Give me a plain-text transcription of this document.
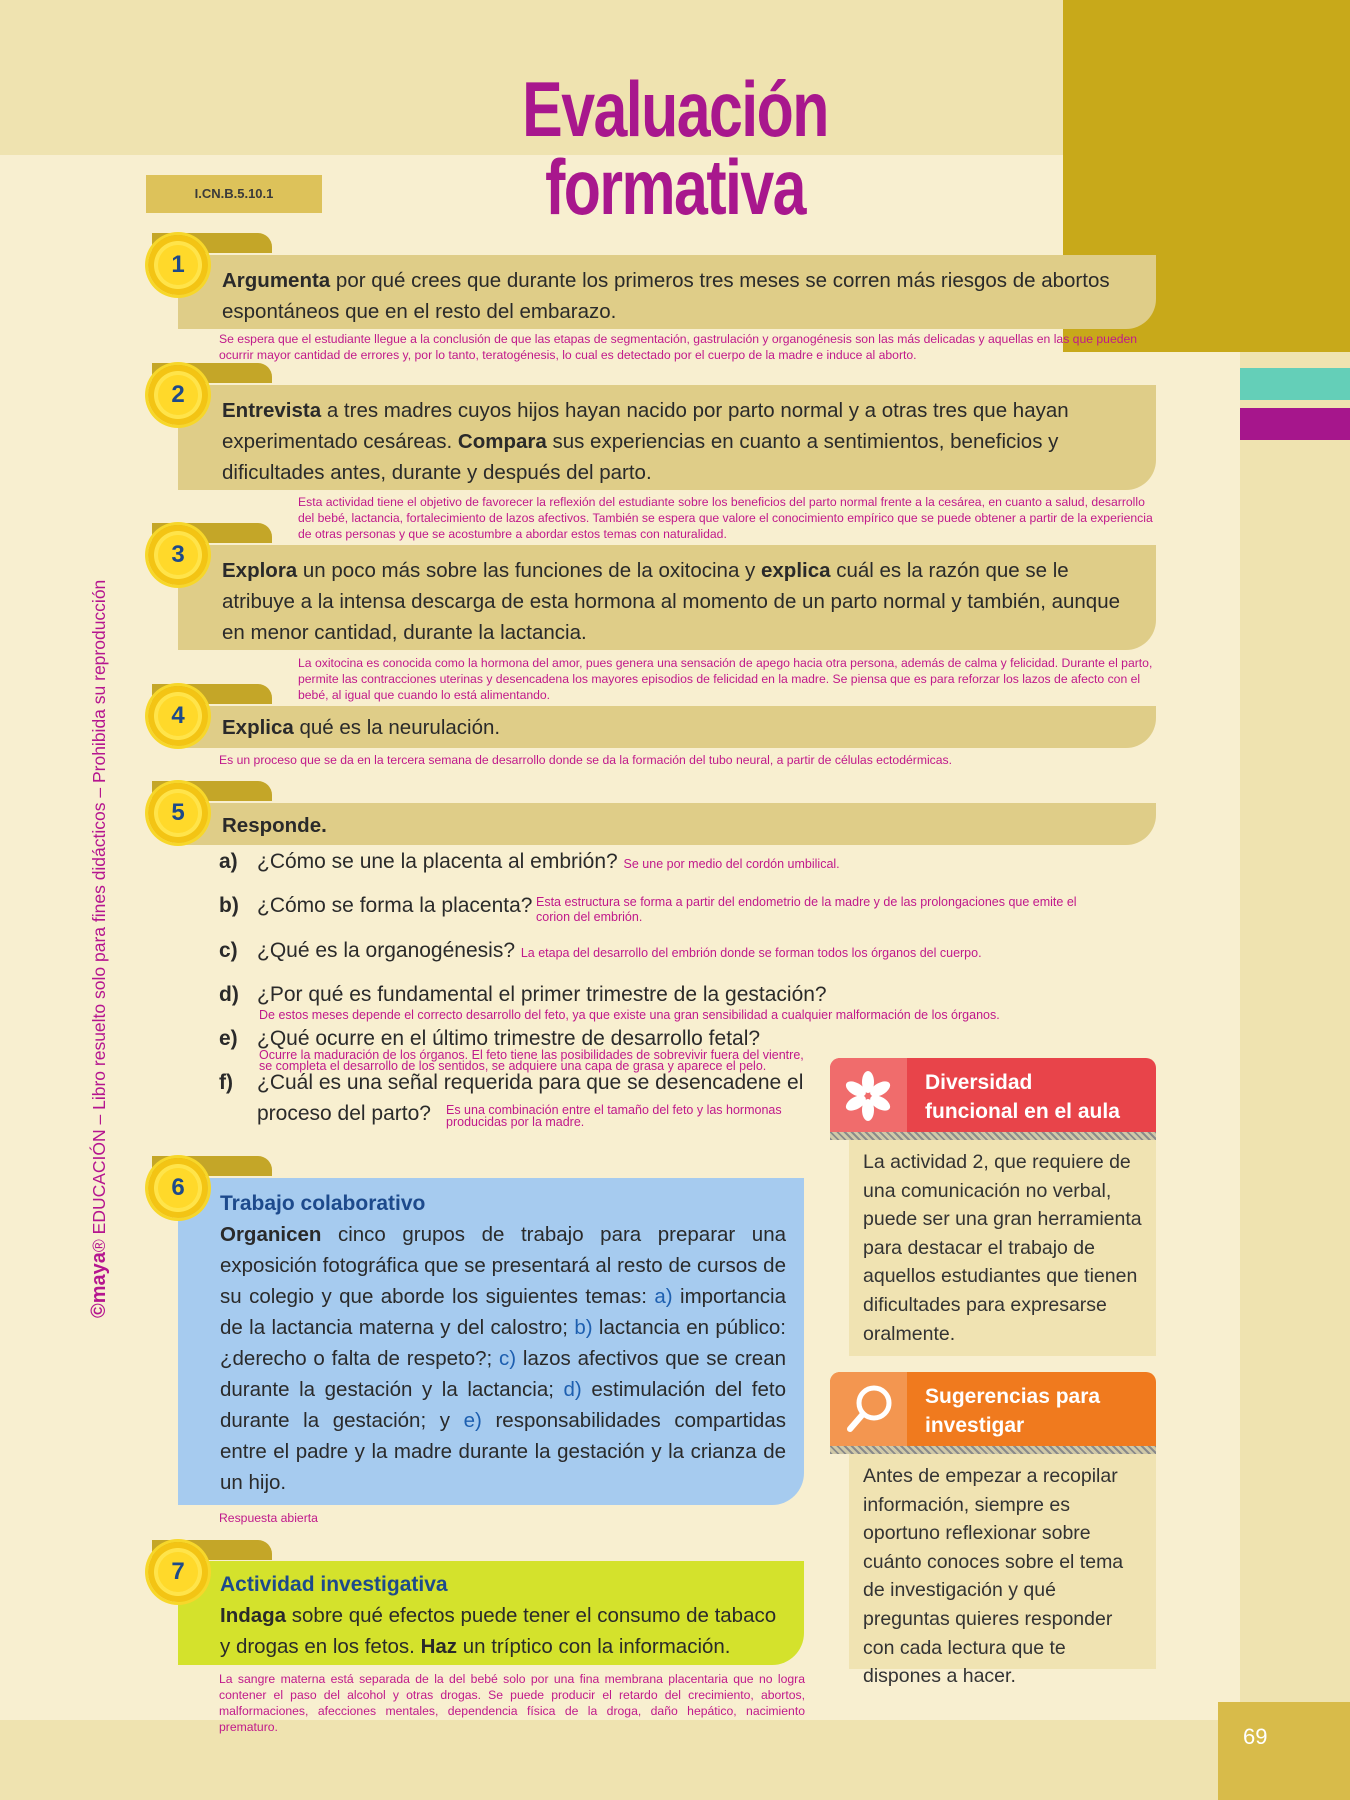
69
Evaluación formativa
I.CN.B.5.10.1
©maya® EDUCACIÓN – Libro resuelto solo para fines didácticos – Prohibida su reproducción
Argumenta por qué crees que durante los primeros tres meses se corren más riesgos de abortos espontáneos que en el resto del embarazo.
1
Se espera que el estudiante llegue a la conclusión de que las etapas de segmentación, gastrulación y organogénesis son las más delicadas y aquellas en las que pueden ocurrir mayor cantidad de errores y, por lo tanto, teratogénesis, lo cual es detectado por el cuerpo de la madre e induce al aborto.
Entrevista a tres madres cuyos hijos hayan nacido por parto normal y a otras tres que hayan experimentado cesáreas. Compara sus experiencias en cuanto a sentimientos, beneficios y dificultades antes, durante y después del parto.
2
Esta actividad tiene el objetivo de favorecer la reflexión del estudiante sobre los beneficios del parto normal frente a la cesárea, en cuanto a salud, desarrollo del bebé, lactancia, fortalecimiento de lazos afectivos. También se espera que valore el conocimiento empírico que se puede obtener a partir de la experiencia de otras personas y que se acostumbre a abordar estos temas con naturalidad.
Explora un poco más sobre las funciones de la oxitocina y explica cuál es la razón que se le atribuye a la intensa descarga de esta hormona al momento de un parto normal y también, aunque en menor cantidad, durante la lactancia.
3
La oxitocina es conocida como la hormona del amor, pues genera una sensación de apego hacia otra persona, además de calma y felicidad. Durante el parto, permite las contracciones uterinas y desencadena los mayores episodios de felicidad en la madre. Se piensa que es para reforzar los lazos de afecto con el bebé, al igual que cuando lo está alimentando.
Explica qué es la neurulación.
4
Es un proceso que se da en la tercera semana de desarrollo donde se da la formación del tubo neural, a partir de células ectodérmicas.
Responde.
5
a) ¿Cómo se une la placenta al embrión? Se une por medio del cordón umbilical.
b) ¿Cómo se forma la placenta? Esta estructura se forma a partir del endometrio de la madre y de las prolongaciones que emite el corion del embrión.
c) ¿Qué es la organogénesis? La etapa del desarrollo del embrión donde se forman todos los órganos del cuerpo.
d) ¿Por qué es fundamental el primer trimestre de la gestación?
De estos meses depende el correcto desarrollo del feto, ya que existe una gran sensibilidad a cualquier malformación de los órganos.
e) ¿Qué ocurre en el último trimestre de desarrollo fetal?
Ocurre la maduración de los órganos. El feto tiene las posibilidades de sobrevivir fuera del vientre, se completa el desarrollo de los sentidos, se adquiere una capa de grasa y aparece el pelo.
f) ¿Cuál es una señal requerida para que se desencadene el
proceso del parto? Es una combinación entre el tamaño del feto y las hormonas producidas por la madre.
Trabajo colaborativo
Organicen cinco grupos de trabajo para preparar una exposición fotográfica que se presentará al resto de cursos de su colegio y que aborde los siguientes temas: a) importancia de la lactancia materna y del calostro; b) lactancia en público: ¿derecho o falta de respeto?; c) lazos afectivos que se crean durante la gestación y la lactancia; d) estimulación del feto durante la gestación; y e) responsabilidades compartidas entre el padre y la madre durante la gestación y la crianza de un hijo.
6
Respuesta abierta
Actividad investigativa
Indaga sobre qué efectos puede tener el consumo de tabaco y drogas en los fetos. Haz un tríptico con la información.
7
La sangre materna está separada de la del bebé solo por una fina membrana placentaria que no logra contener el paso del alcohol y otras drogas. Se puede producir el retardo del crecimiento, abortos, malformaciones, afecciones mentales, dependencia física de la droga, daño hepático, nacimiento prematuro.
Diversidad
funcional en el aula
La actividad 2, que requiere de una comunicación no verbal, puede ser una gran herramienta para destacar el trabajo de aquellos estudiantes que tienen dificultades para expresarse oralmente.
Sugerencias para
investigar
Antes de empezar a recopilar información, siempre es oportuno reflexionar sobre cuánto conoces sobre el tema de investigación y qué preguntas quieres responder con cada lectura que te dispones a hacer.
